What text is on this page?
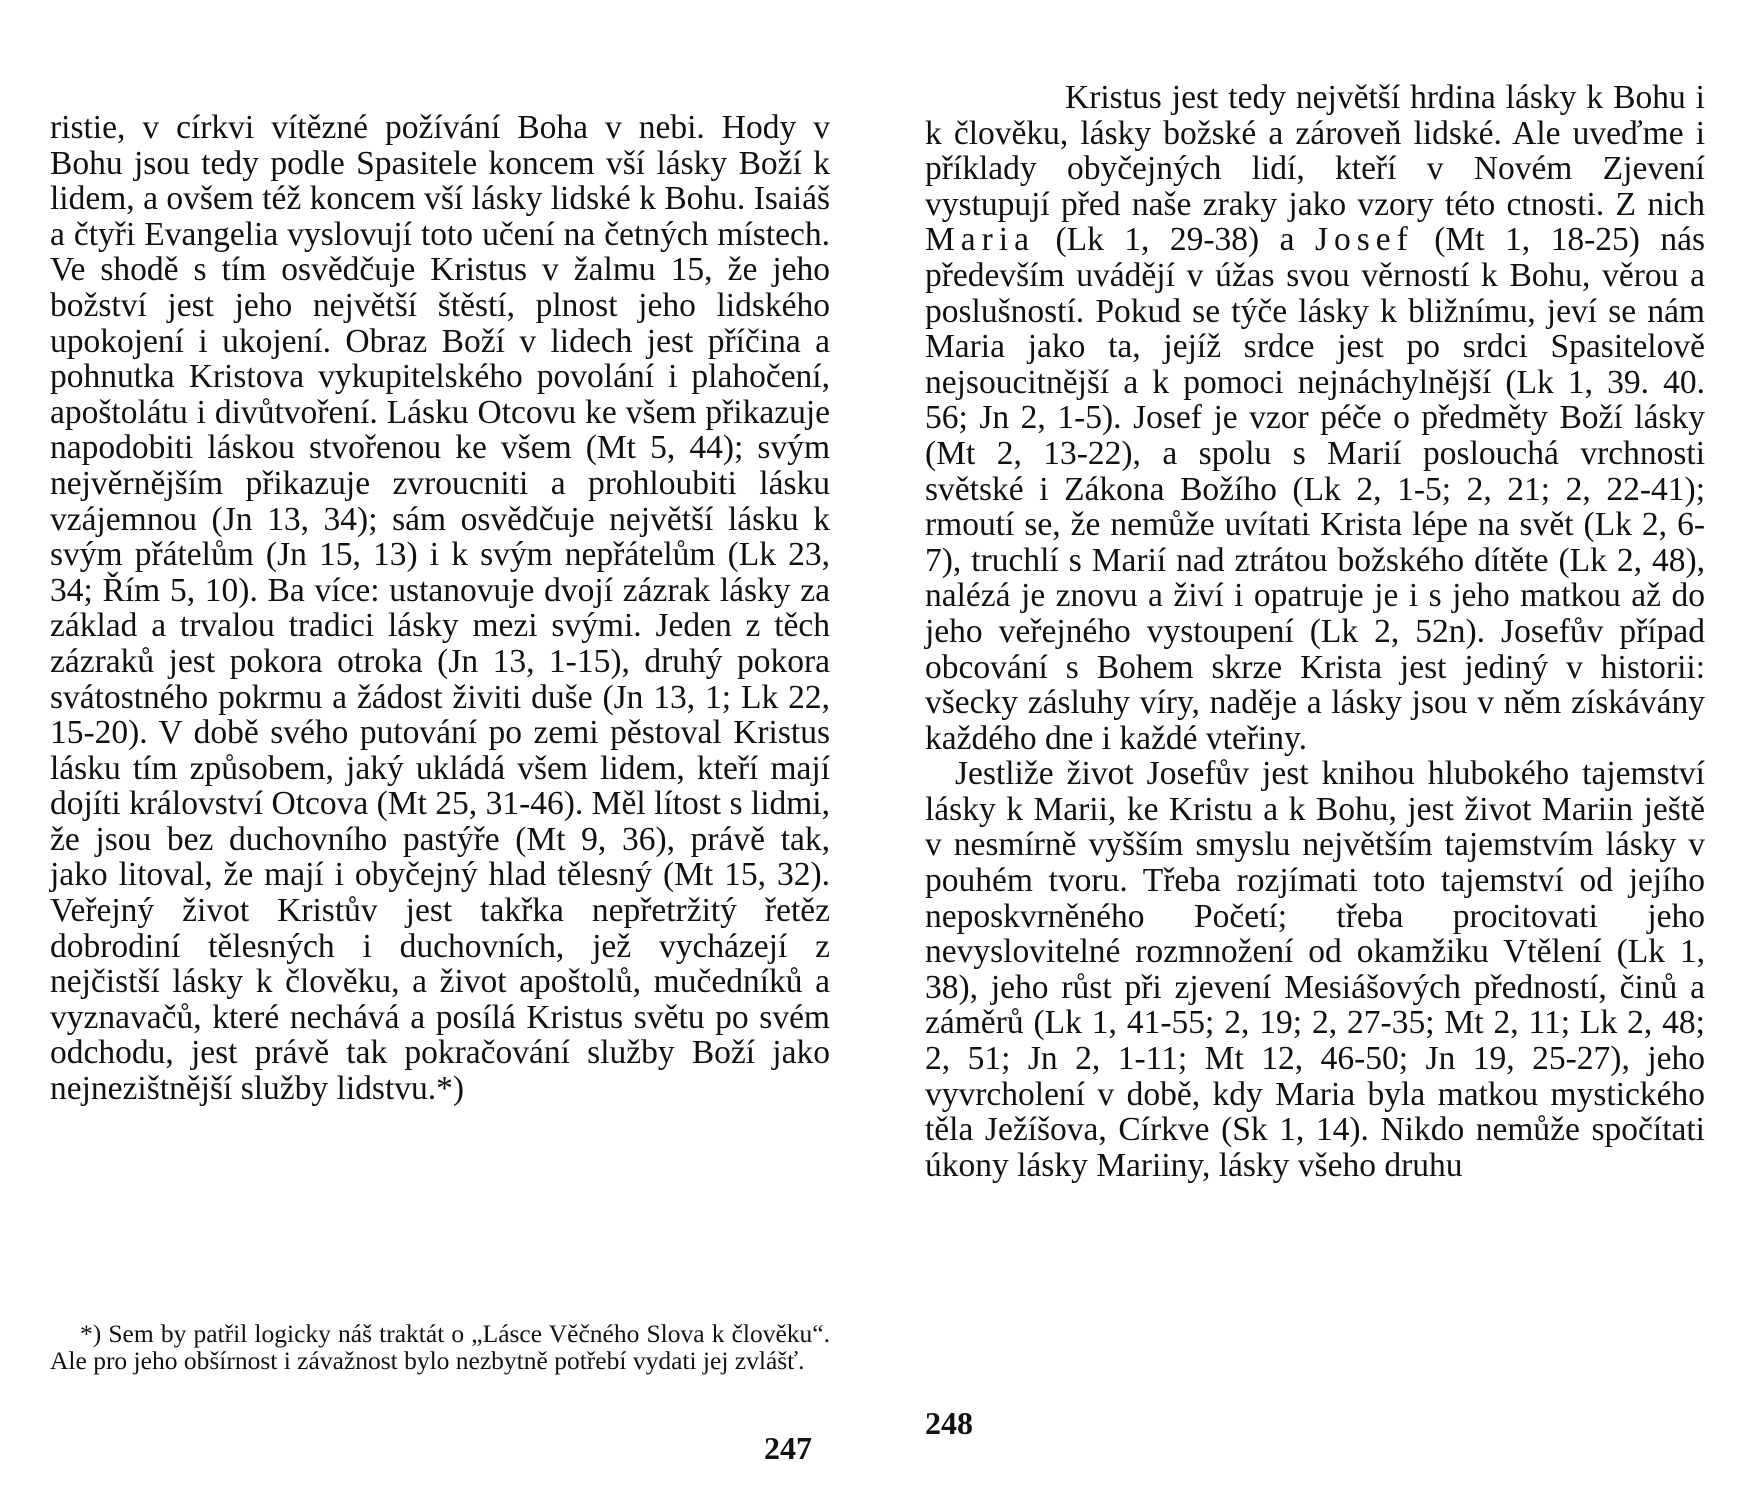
ristie, v církvi vítězné požívání Boha v nebi. Hody v Bohu jsou tedy podle Spasitele koncem vší lásky Boží k lidem, a ovšem též koncem vší lásky lidské k Bohu. Isaiáš a čtyři Evangelia vyslovují toto učení na četných místech. Ve shodě s tím osvědčuje Kristus v žalmu 15, že jeho božství jest jeho největší štěstí, plnost jeho lidského upokojení i ukojení. Obraz Boží v lidech jest příčina a pohnutka Kristova vykupitelského povolání i plahočení, apoštolátu i divůtvoření. Lásku Otcovu ke všem přikazuje napodobiti láskou stvořenou ke všem (Mt 5, 44); svým nejvěrnějším přikazuje zvroucniti a prohloubiti lásku vzájemnou (Jn 13, 34); sám osvědčuje největší lásku k svým přátelům (Jn 15, 13) i k svým nepřátelům (Lk 23, 34; Řím 5, 10). Ba více: ustanovuje dvojí zázrak lásky za základ a trvalou tradici lásky mezi svými. Jeden z těch zázraků jest pokora otroka (Jn 13, 1-15), druhý pokora svátostného pokrmu a žádost živiti duše (Jn 13, 1; Lk 22, 15-20). V době svého putování po zemi pěstoval Kristus lásku tím způsobem, jaký ukládá všem lidem, kteří mají dojíti království Otcova (Mt 25, 31-46). Měl lítost s lidmi, že jsou bez duchovního pastýře (Mt 9, 36), právě tak, jako litoval, že mají i obyčejný hlad tělesný (Mt 15, 32). Veřejný život Kristův jest takřka nepřetržitý řetěz dobrodiní tělesných i duchovních, jež vycházejí z nejčistší lásky k člověku, a život apoštolů, mučedníků a vyznavačů, které nechává a posílá Kristus světu po svém odchodu, jest právě tak pokračování služby Boží jako nejnezištnější služby lidstvu.*)

*) Sem by patřil logicky náš traktát o „Lásce Věčného Slova k člověku“. Ale pro jeho obšírnost i závažnost bylo nezbytně potřebí vydati jej zvlášť.

247

Kristus jest tedy největší hrdina lásky k Bohu i k člověku, lásky božské a zároveň lidské. Ale uveďme i příklady obyčejných lidí, kteří v Novém Zjevení vystupují před naše zraky jako vzory této ctnosti. Z nich Maria (Lk 1, 29-38) a Josef (Mt 1, 18-25) nás především uvádějí v úžas svou věrností k Bohu, věrou a poslušností. Pokud se týče lásky k bližnímu, jeví se nám Maria jako ta, jejíž srdce jest po srdci Spasitelově nejsoucitnější a k pomoci nejnáchylnější (Lk 1, 39. 40. 56; Jn 2, 1-5). Josef je vzor péče o předměty Boží lásky (Mt 2, 13-22), a spolu s Marií poslouchá vrchnosti světské i Zákona Božího (Lk 2, 1-5; 2, 21; 2, 22-41); rmoutí se, že nemůže uvítati Krista lépe na svět (Lk 2, 6-7), truchlí s Marií nad ztrátou božského dítěte (Lk 2, 48), nalézá je znovu a živí i opatruje je i s jeho matkou až do jeho veřejného vystoupení (Lk 2, 52n). Josefův případ obcování s Bohem skrze Krista jest jediný v historii: všecky zásluhy víry, naděje a lásky jsou v něm získávány každého dne i každé vteřiny.

Jestliže život Josefův jest knihou hlubokého tajemství lásky k Marii, ke Kristu a k Bohu, jest život Mariin ještě v nesmírně vyšším smyslu největším tajemstvím lásky v pouhém tvoru. Třeba rozjímati toto tajemství od jejího neposkvrněného Početí; třeba procitovati jeho nevyslovitelné rozmnožení od okamžiku Vtělení (Lk 1, 38), jeho růst při zjevení Mesiášových předností, činů a záměrů (Lk 1, 41-55; 2, 19; 2, 27-35; Mt 2, 11; Lk 2, 48; 2, 51; Jn 2, 1-11; Mt 12, 46-50; Jn 19, 25-27), jeho vyvrcholení v době, kdy Maria byla matkou mystického těla Ježíšova, Církve (Sk 1, 14). Nikdo nemůže spočítati úkony lásky Mariiny, lásky všeho druhu

248
